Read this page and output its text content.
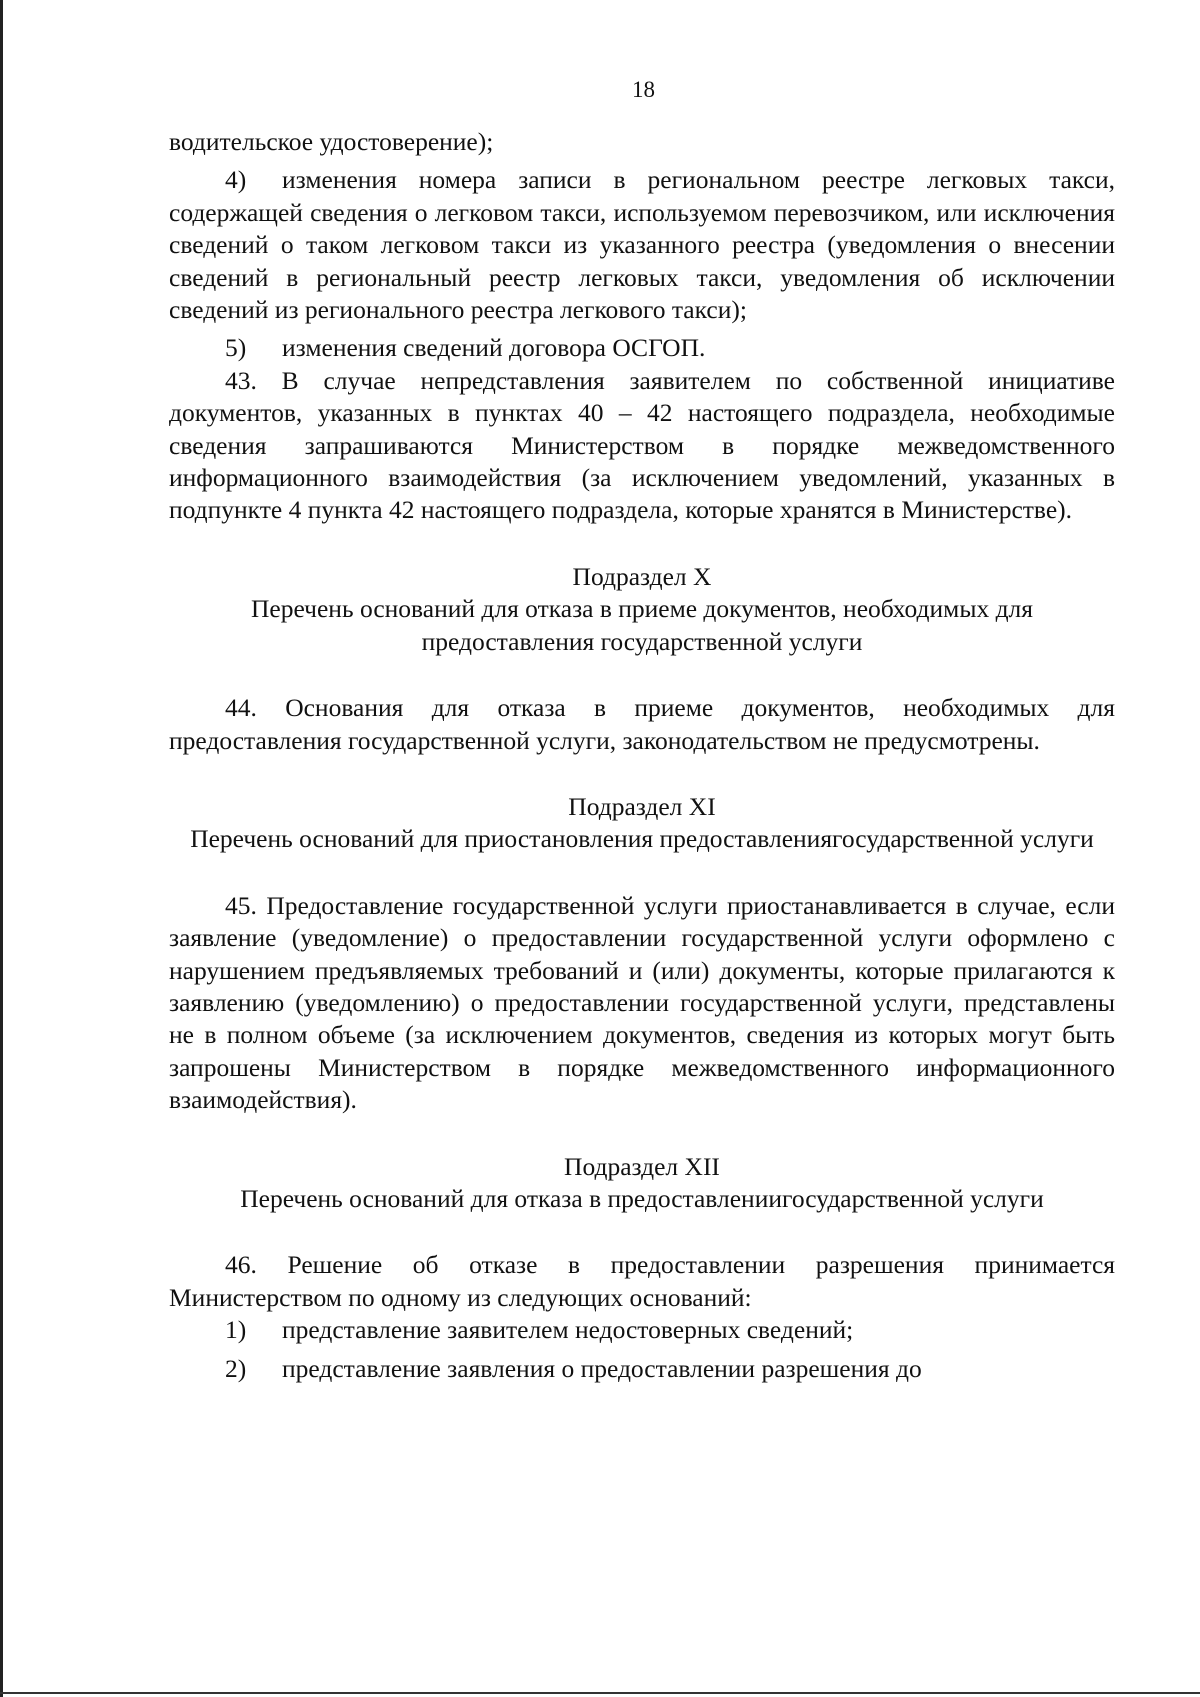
18

водительское удостоверение);

4) изменения номера записи в региональном реестре легковых такси, содержащей сведения о легковом такси, используемом перевозчиком, или исключения сведений о таком легковом такси из указанного реестра (уведомления о внесении сведений в региональный реестр легковых такси, уведомления об исключении сведений из регионального реестра легкового такси);

5) изменения сведений договора ОСГОП.

43. В случае непредставления заявителем по собственной инициативе документов, указанных в пунктах 40 – 42 настоящего подраздела, необходимые сведения запрашиваются Министерством в порядке межведомственного информационного взаимодействия (за исключением уведомлений, указанных в подпункте 4 пункта 42 настоящего подраздела, которые хранятся в Министерстве).

Подраздел X

Перечень оснований для отказа в приеме документов, необходимых для предоставления государственной услуги

44. Основания для отказа в приеме документов, необходимых для предоставления государственной услуги, законодательством не предусмотрены.

Подраздел XI

Перечень оснований для приостановления предоставлениягосударственной услуги

45. Предоставление государственной услуги приостанавливается в случае, если заявление (уведомление) о предоставлении государственной услуги оформлено с нарушением предъявляемых требований и (или) документы, которые прилагаются к заявлению (уведомлению) о предоставлении государственной услуги, представлены не в полном объеме (за исключением документов, сведения из которых могут быть запрошены Министерством в порядке межведомственного информационного взаимодействия).

Подраздел XII

Перечень оснований для отказа в предоставлениигосударственной услуги

46. Решение об отказе в предоставлении разрешения принимается Министерством по одному из следующих оснований:

1) представление заявителем недостоверных сведений;

2) представление заявления о предоставлении разрешения до
